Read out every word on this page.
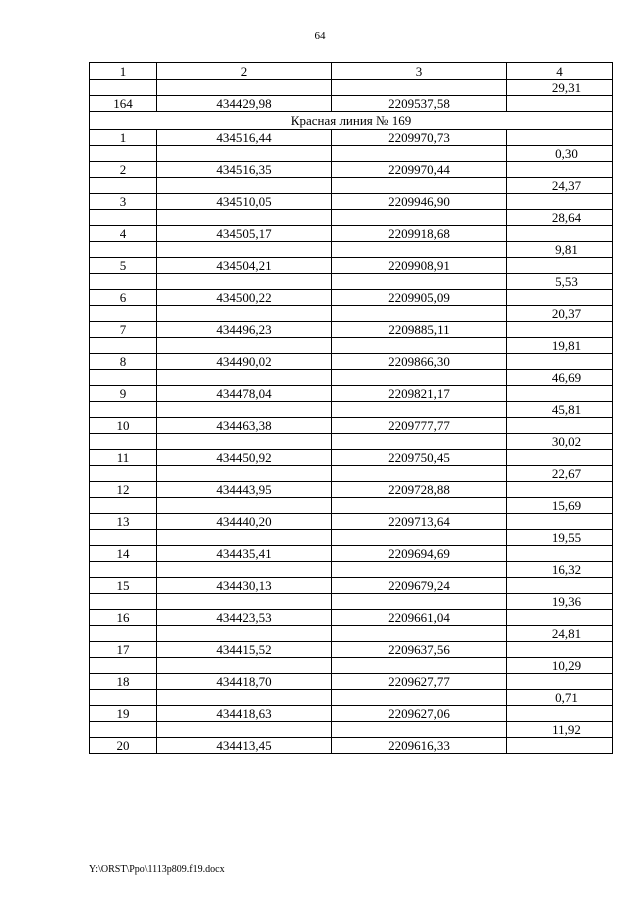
64
1	2	3	4
			29,31
164	434429,98	2209537,58	
Красная линия № 169			
1	434516,44	2209970,73	
			0,30
2	434516,35	2209970,44	
			24,37
3	434510,05	2209946,90	
			28,64
4	434505,17	2209918,68	
			9,81
5	434504,21	2209908,91	
			5,53
6	434500,22	2209905,09	
			20,37
7	434496,23	2209885,11	
			19,81
8	434490,02	2209866,30	
			46,69
9	434478,04	2209821,17	
			45,81
10	434463,38	2209777,77	
			30,02
11	434450,92	2209750,45	
			22,67
12	434443,95	2209728,88	
			15,69
13	434440,20	2209713,64	
			19,55
14	434435,41	2209694,69	
			16,32
15	434430,13	2209679,24	
			19,36
16	434423,53	2209661,04	
			24,81
17	434415,52	2209637,56	
			10,29
18	434418,70	2209627,77	
			0,71
19	434418,63	2209627,06	
			11,92
20	434413,45	2209616,33	
Y:\ORST\Ppo\1113p809.f19.docx
